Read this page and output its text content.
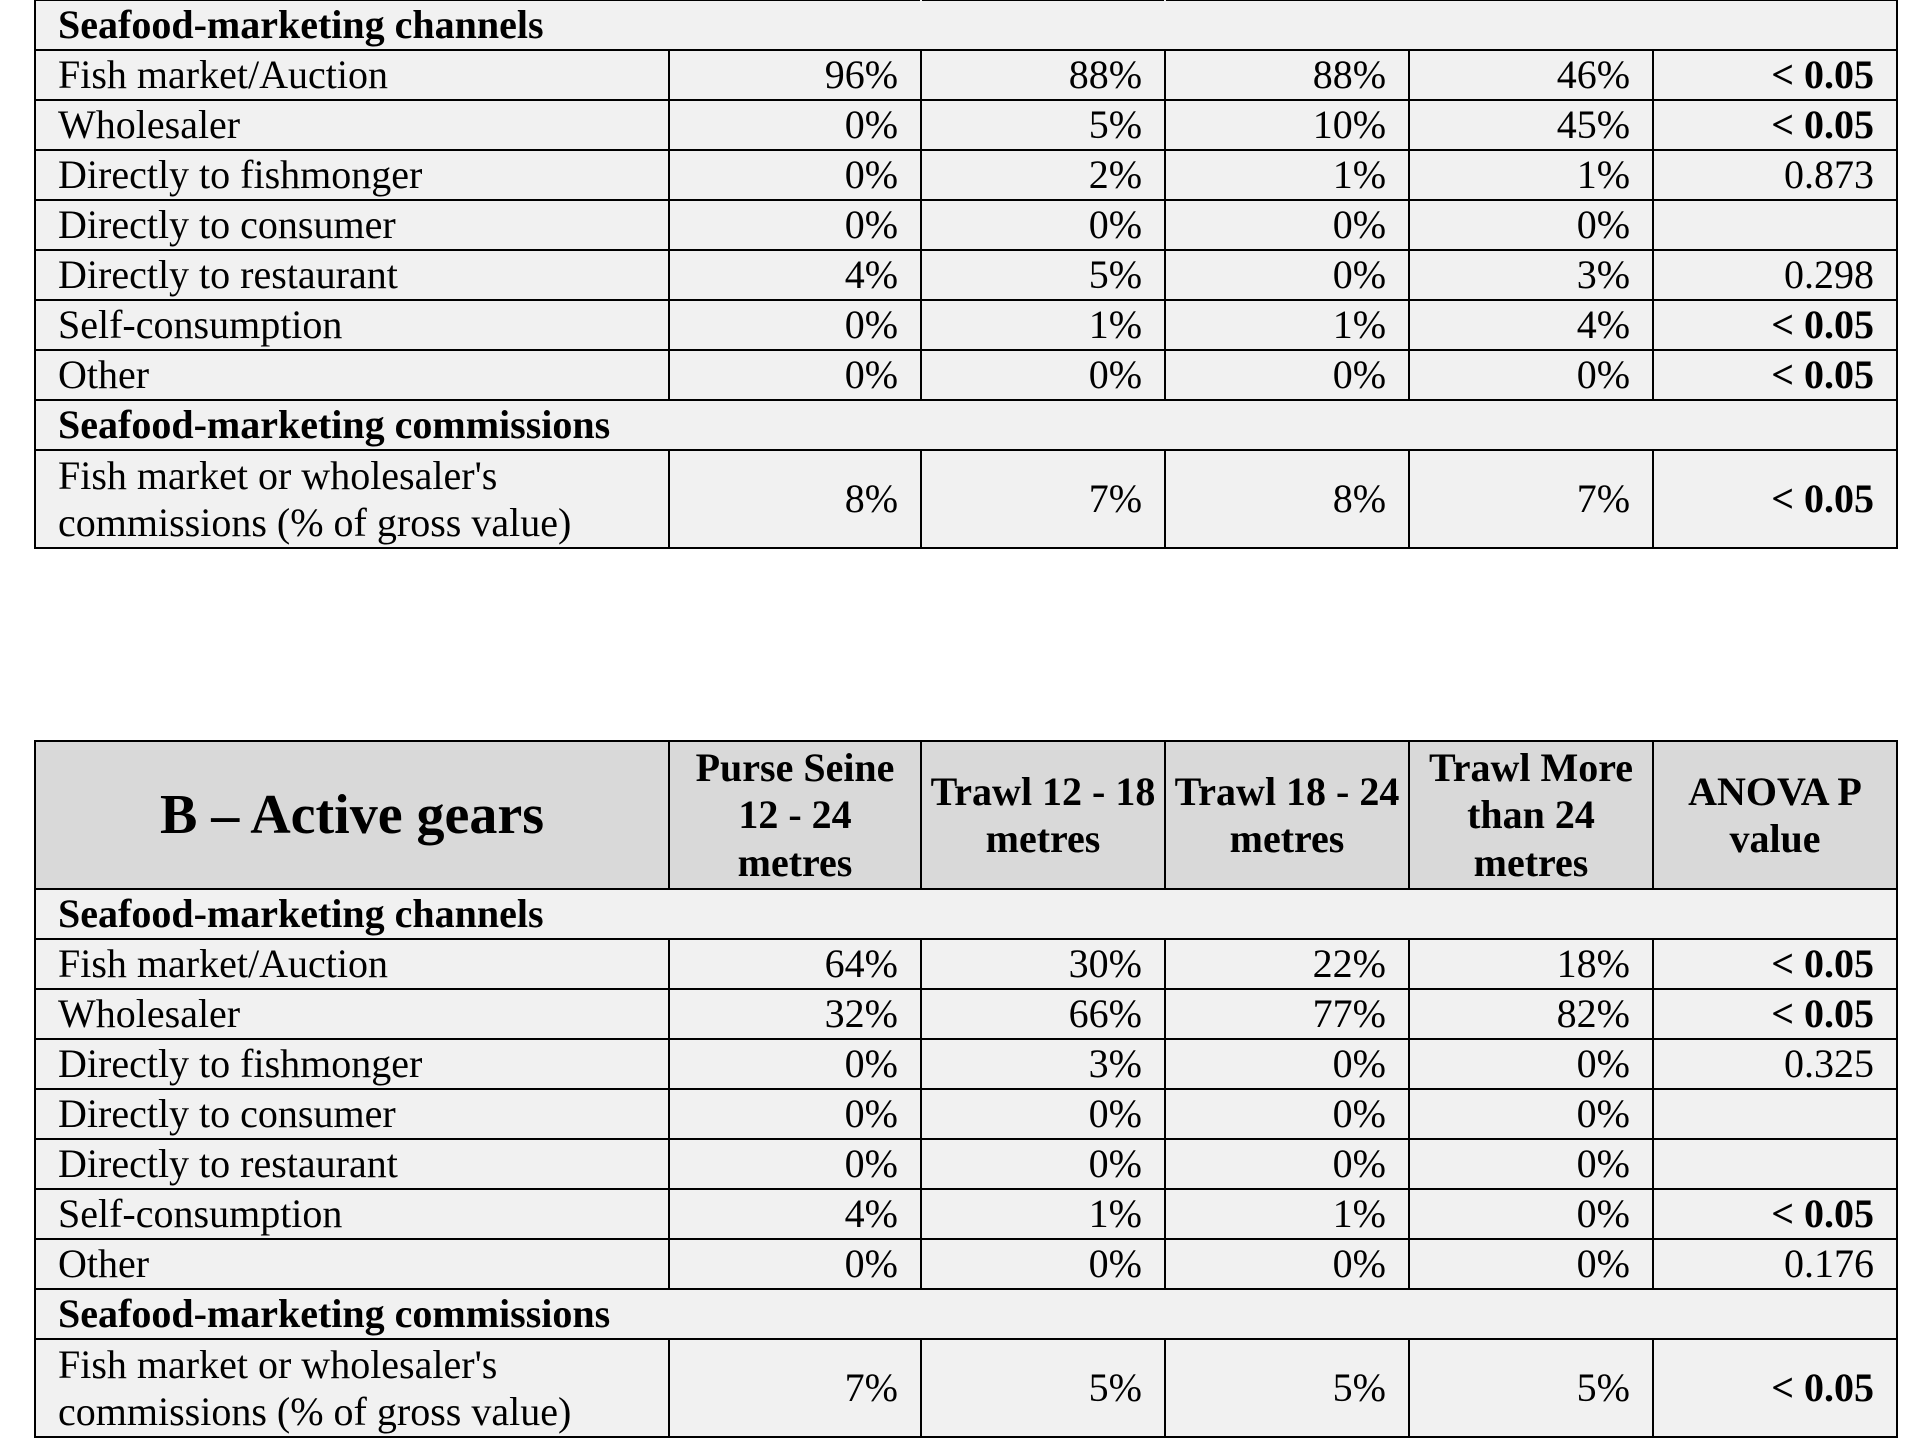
Seafood-marketing channels					
Fish market/Auction	96%	88%	88%	46%	< 0.05
Wholesaler	0%	5%	10%	45%	< 0.05
Directly to fishmonger	0%	2%	1%	1%	0.873
Directly to consumer	0%	0%	0%	0%	
Directly to restaurant	4%	5%	0%	3%	0.298
Self-consumption	0%	1%	1%	4%	< 0.05
Other	0%	0%	0%	0%	< 0.05
Seafood-marketing commissions					
Fish market or wholesaler's commissions (% of gross value)	8%	7%	8%	7%	< 0.05
B – Active gears	Purse Seine 12 - 24 metres	Trawl 12 - 18 metres	Trawl 18 - 24 metres	Trawl More than 24 metres	ANOVA P value
Seafood-marketing channels					
Fish market/Auction	64%	30%	22%	18%	< 0.05
Wholesaler	32%	66%	77%	82%	< 0.05
Directly to fishmonger	0%	3%	0%	0%	0.325
Directly to consumer	0%	0%	0%	0%	
Directly to restaurant	0%	0%	0%	0%	
Self-consumption	4%	1%	1%	0%	< 0.05
Other	0%	0%	0%	0%	0.176
Seafood-marketing commissions					
Fish market or wholesaler's commissions (% of gross value)	7%	5%	5%	5%	< 0.05
